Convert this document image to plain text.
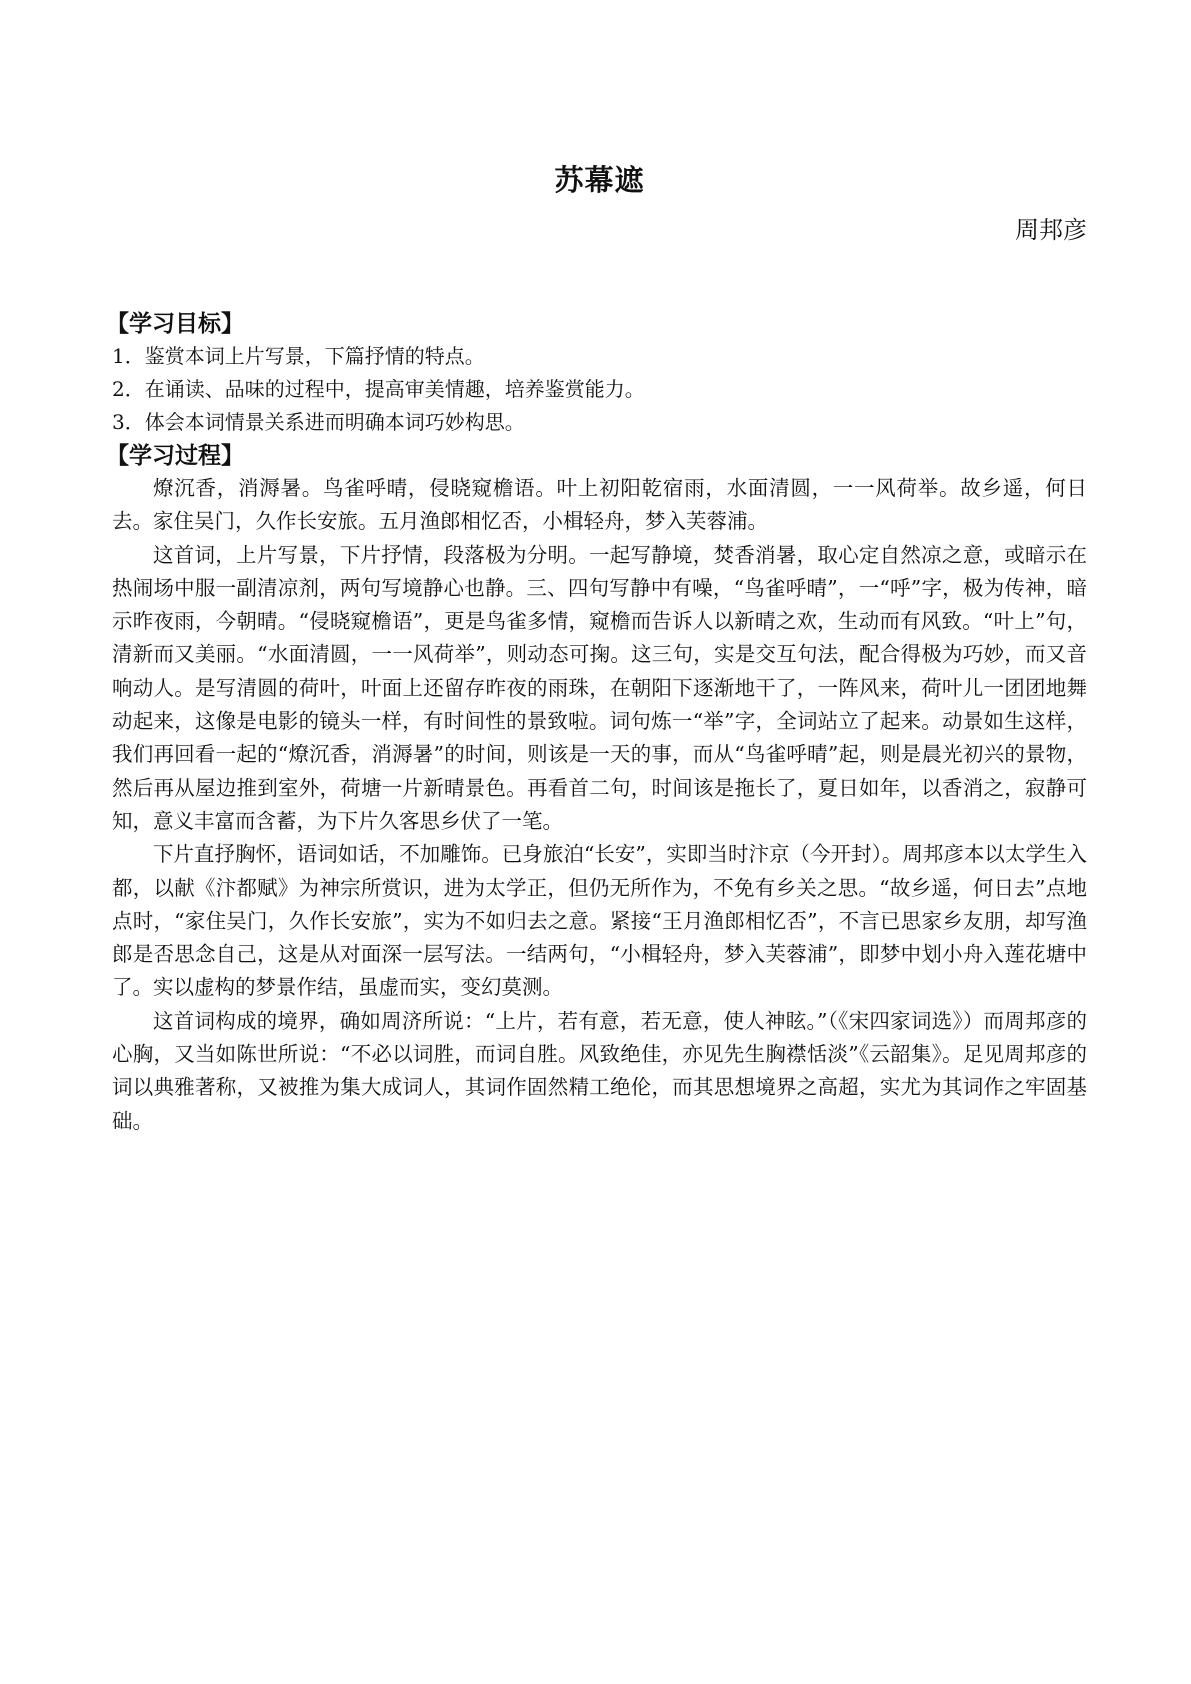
苏幕遮
周邦彦
【学习目标】
1．鉴赏本词上片写景，下篇抒情的特点。
2．在诵读、品味的过程中，提高审美情趣，培养鉴赏能力。
3．体会本词情景关系进而明确本词巧妙构思。
【学习过程】

燎沉香，消溽暑。鸟雀呼晴，侵晓窥檐语。叶上初阳乾宿雨，水面清圆，一一风荷举。故乡遥，何日去。家住吴门，久作长安旅。五月渔郎相忆否，小楫轻舟，梦入芙蓉浦。

这首词，上片写景，下片抒情，段落极为分明。一起写静境，焚香消暑，取心定自然凉之意，或暗示在热闹场中服一副清凉剂，两句写境静心也静。三、四句写静中有噪，“鸟雀呼晴”，一“呼”字，极为传神，暗示昨夜雨，今朝晴。“侵晓窥檐语”，更是鸟雀多情，窥檐而告诉人以新晴之欢，生动而有风致。“叶上”句，清新而又美丽。“水面清圆，一一风荷举”，则动态可掬。这三句，实是交互句法，配合得极为巧妙，而又音响动人。是写清圆的荷叶，叶面上还留存昨夜的雨珠，在朝阳下逐渐地干了，一阵风来，荷叶儿一团团地舞动起来，这像是电影的镜头一样，有时间性的景致啦。词句炼一“举”字，全词站立了起来。动景如生这样，我们再回看一起的“燎沉香，消溽暑”的时间，则该是一天的事，而从“鸟雀呼晴”起，则是晨光初兴的景物，然后再从屋边推到室外，荷塘一片新晴景色。再看首二句，时间该是拖长了，夏日如年，以香消之，寂静可知，意义丰富而含蓄，为下片久客思乡伏了一笔。

下片直抒胸怀，语词如话，不加雕饰。已身旅泊“长安”，实即当时汴京（今开封）。周邦彦本以太学生入都，以献《汴都赋》为神宗所赏识，进为太学正，但仍无所作为，不免有乡关之思。“故乡遥，何日去”点地点时，“家住吴门，久作长安旅”，实为不如归去之意。紧接“王月渔郎相忆否”，不言已思家乡友朋，却写渔郎是否思念自己，这是从对面深一层写法。一结两句，“小楫轻舟，梦入芙蓉浦”，即梦中划小舟入莲花塘中了。实以虚构的梦景作结，虽虚而实，变幻莫测。

这首词构成的境界，确如周济所说：“上片，若有意，若无意，使人神眩。”（《宋四家词选》）而周邦彦的心胸，又当如陈世所说：“不必以词胜，而词自胜。风致绝佳，亦见先生胸襟恬淡”《云韶集》。足见周邦彦的词以典雅著称，又被推为集大成词人，其词作固然精工绝伦，而其思想境界之高超，实尤为其词作之牢固基础。
